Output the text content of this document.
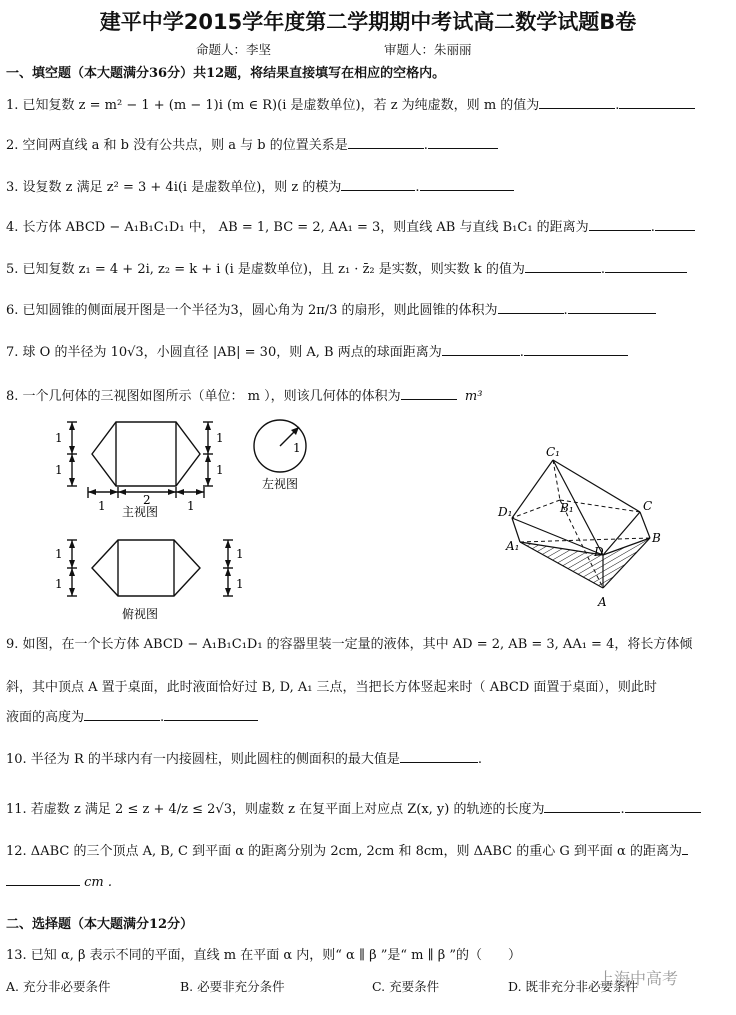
建平中学2015学年度第二学期期中考试高二数学试题B卷
命题人：李坚	审题人：朱丽丽
一、填空题（本大题满分36分）共12题，将结果直接填写在相应的空格内。
1. 已知复数 z = m² − 1 + (m − 1)i (m ∈ R)(i 是虚数单位)，若 z 为纯虚数，则 m 的值为	.
2. 空间两直线 a 和 b 没有公共点，则 a 与 b 的位置关系是	.
3. 设复数 z 满足 z² = 3 + 4i(i 是虚数单位)，则 z 的模为	.
4. 长方体 ABCD − A₁B₁C₁D₁ 中， AB = 1, BC = 2, AA₁ = 3，则直线 AB 与直线 B₁C₁ 的距离为	.
5. 已知复数 z₁ = 4 + 2i, z₂ = k + i (i 是虚数单位)，且 z₁ · z̄₂ 是实数，则实数 k 的值为	.
6. 已知圆锥的侧面展开图是一个半径为3，圆心角为 2π/3 的扇形，则此圆锥的体积为	.
7. 球 O 的半径为 10√3，小圆直径 |AB| = 30，则 A, B 两点的球面距离为	.
8. 一个几何体的三视图如图所示（单位： m ），则该几何体的体积为	m³
1
1
1
1
1	2	1
1
1
1
1
1
主视图
左视图
俯视图
C₁
B₁
D₁	C
A₁	D
B
A
9. 如图，在一个长方体 ABCD − A₁B₁C₁D₁ 的容器里装一定量的液体，其中 AD = 2, AB = 3, AA₁ = 4，将长方体倾
斜，其中顶点 A 置于桌面，此时液面恰好过 B, D, A₁ 三点，当把长方体竖起来时（ ABCD 面置于桌面），则此时
液面的高度为	.
10. 半径为 R 的半球内有一内接圆柱，则此圆柱的侧面积的最大值是	.
11. 若虚数 z 满足 2 ≤ z + 4/z ≤ 2√3，则虚数 z 在复平面上对应点 Z(x, y) 的轨迹的长度为	.
12. ΔABC 的三个顶点 A, B, C 到平面 α 的距离分别为 2cm, 2cm 和 8cm，则 ΔABC 的重心 G 到平面 α 的距离为
cm .
二、选择题（本大题满分12分）
13. 已知 α, β 表示不同的平面，直线 m 在平面 α 内，则“ α ∥ β ”是“ m ∥ β ”的（　　）
A. 充分非必要条件	B. 必要非充分条件	C. 充要条件	D. 既非充分非必要条件
上海中高考
